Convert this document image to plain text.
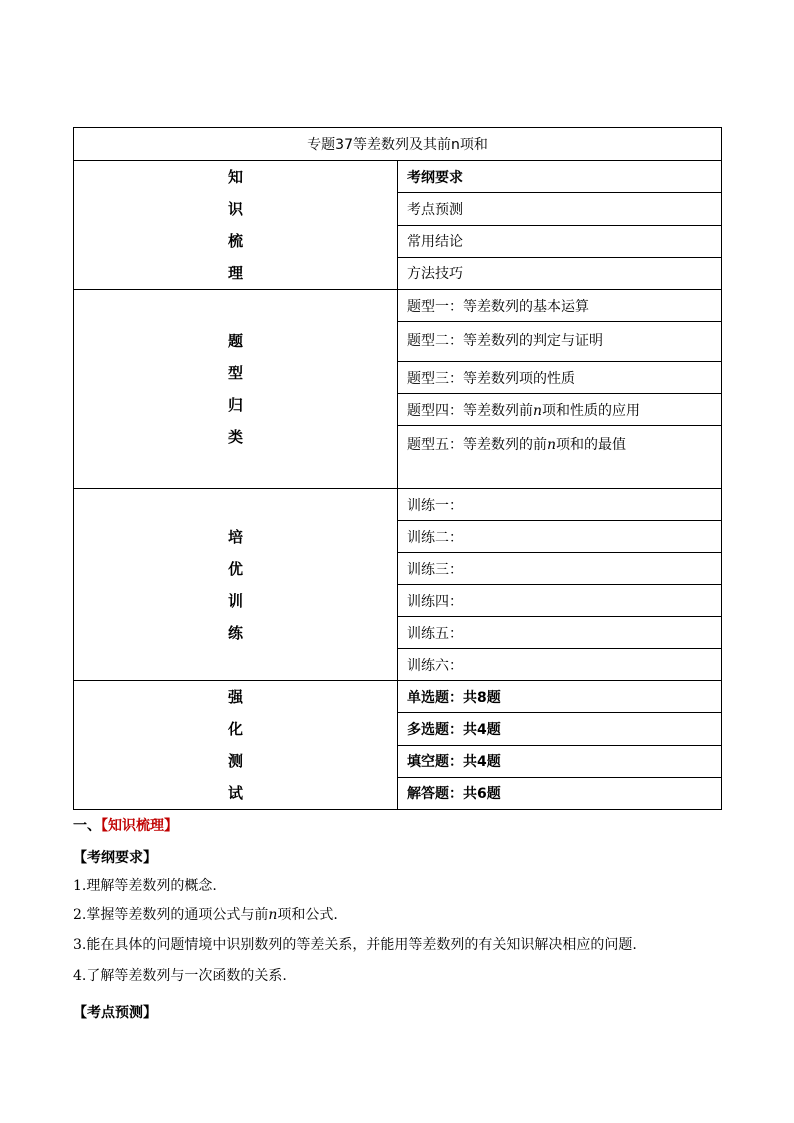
专题37等差数列及其前n项和	

知
识
梳
理	考纲要求
	考点预测
	常用结论
	方法技巧

题
型
归
类	题型一：等差数列的基本运算
	题型二：等差数列的判定与证明
	题型三：等差数列项的性质
	题型四：等差数列前n项和性质的应用
	题型五：等差数列的前n项和的最值

培
优
训
练	训练一：
	训练二：
	训练三：
	训练四：
	训练五：
	训练六：

强
化
测
试	单选题：共8题
	多选题：共4题
	填空题：共4题
	解答题：共6题
一、【知识梳理】
【考纲要求】
1.理解等差数列的概念.
2.掌握等差数列的通项公式与前n项和公式.
3.能在具体的问题情境中识别数列的等差关系，并能用等差数列的有关知识解决相应的问题.
4.了解等差数列与一次函数的关系.
【考点预测】
